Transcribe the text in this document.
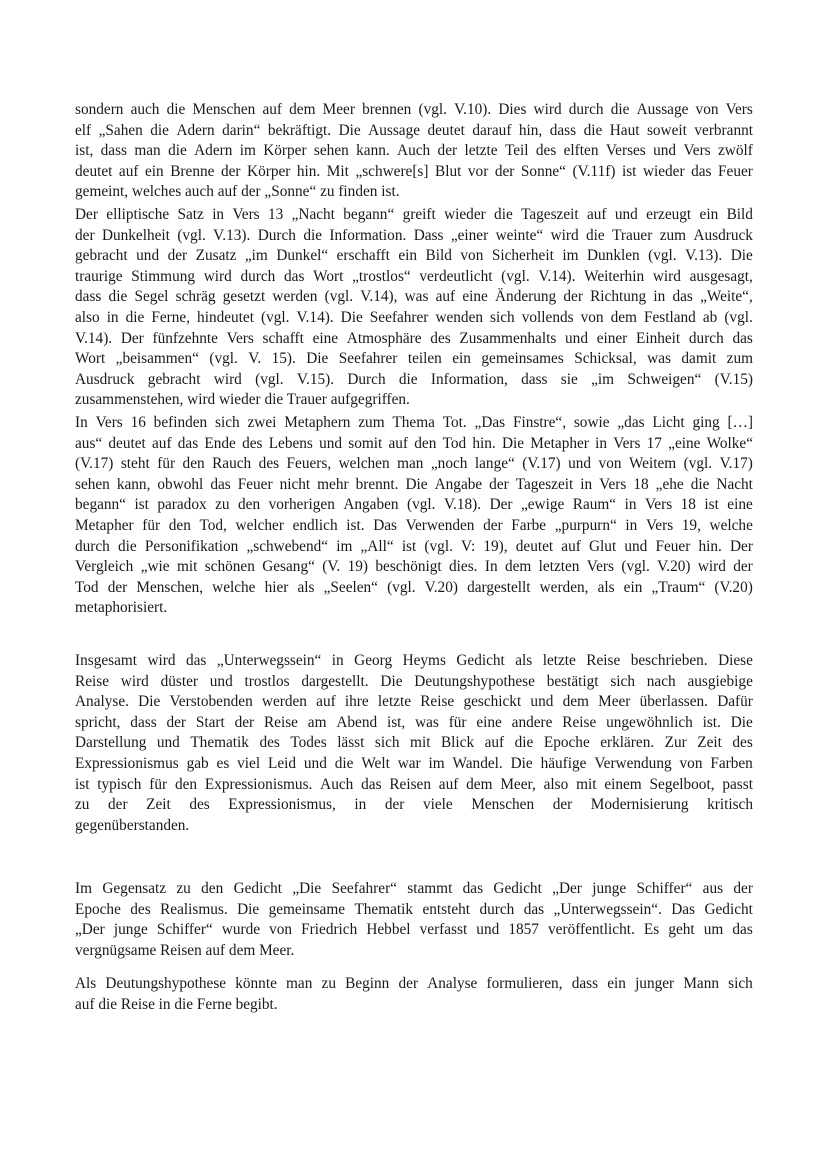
sondern auch die Menschen auf dem Meer brennen (vgl. V.10). Dies wird durch die Aussage von Vers
elf „Sahen die Adern darin“ bekräftigt. Die Aussage deutet darauf hin, dass die Haut soweit verbrannt
ist, dass man die Adern im Körper sehen kann. Auch der letzte Teil des elften Verses und Vers zwölf
deutet auf ein Brenne der Körper hin. Mit „schwere[s] Blut vor der Sonne“ (V.11f) ist wieder das Feuer
gemeint, welches auch auf der „Sonne“ zu finden ist.
Der elliptische Satz in Vers 13 „Nacht begann“ greift wieder die Tageszeit auf und erzeugt ein Bild
der Dunkelheit (vgl. V.13). Durch die Information. Dass „einer weinte“ wird die Trauer zum Ausdruck
gebracht und der Zusatz „im Dunkel“ erschafft ein Bild von Sicherheit im Dunklen (vgl. V.13). Die
traurige Stimmung wird durch das Wort „trostlos“ verdeutlicht (vgl. V.14). Weiterhin wird ausgesagt,
dass die Segel schräg gesetzt werden (vgl. V.14), was auf eine Änderung der Richtung in das „Weite“,
also in die Ferne, hindeutet (vgl. V.14). Die Seefahrer wenden sich vollends von dem Festland ab (vgl.
V.14). Der fünfzehnte Vers schafft eine Atmosphäre des Zusammenhalts und einer Einheit durch das
Wort „beisammen“ (vgl. V. 15). Die Seefahrer teilen ein gemeinsames Schicksal, was damit zum
Ausdruck gebracht wird (vgl. V.15). Durch die Information, dass sie „im Schweigen“ (V.15)
zusammenstehen, wird wieder die Trauer aufgegriffen.
In Vers 16 befinden sich zwei Metaphern zum Thema Tot. „Das Finstre“, sowie „das Licht ging […]
aus“ deutet auf das Ende des Lebens und somit auf den Tod hin. Die Metapher in Vers 17 „eine Wolke“
(V.17) steht für den Rauch des Feuers, welchen man „noch lange“ (V.17) und von Weitem (vgl. V.17)
sehen kann, obwohl das Feuer nicht mehr brennt. Die Angabe der Tageszeit in Vers 18 „ehe die Nacht
begann“ ist paradox zu den vorherigen Angaben (vgl. V.18). Der „ewige Raum“ in Vers 18 ist eine
Metapher für den Tod, welcher endlich ist. Das Verwenden der Farbe „purpurn“ in Vers 19, welche
durch die Personifikation „schwebend“ im „All“ ist (vgl. V: 19), deutet auf Glut und Feuer hin. Der
Vergleich „wie mit schönen Gesang“ (V. 19) beschönigt dies. In dem letzten Vers (vgl. V.20) wird der
Tod der Menschen, welche hier als „Seelen“ (vgl. V.20) dargestellt werden, als ein „Traum“ (V.20)
metaphorisiert.
Insgesamt wird das „Unterwegssein“ in Georg Heyms Gedicht als letzte Reise beschrieben. Diese
Reise wird düster und trostlos dargestellt. Die Deutungshypothese bestätigt sich nach ausgiebige
Analyse. Die Verstobenden werden auf ihre letzte Reise geschickt und dem Meer überlassen. Dafür
spricht, dass der Start der Reise am Abend ist, was für eine andere Reise ungewöhnlich ist. Die
Darstellung und Thematik des Todes lässt sich mit Blick auf die Epoche erklären. Zur Zeit des
Expressionismus gab es viel Leid und die Welt war im Wandel. Die häufige Verwendung von Farben
ist typisch für den Expressionismus. Auch das Reisen auf dem Meer, also mit einem Segelboot, passt
zu der Zeit des Expressionismus, in der viele Menschen der Modernisierung kritisch
gegenüberstanden.
Im Gegensatz zu den Gedicht „Die Seefahrer“ stammt das Gedicht „Der junge Schiffer“ aus der
Epoche des Realismus. Die gemeinsame Thematik entsteht durch das „Unterwegssein“. Das Gedicht
„Der junge Schiffer“ wurde von Friedrich Hebbel verfasst und 1857 veröffentlicht. Es geht um das
vergnügsame Reisen auf dem Meer.
Als Deutungshypothese könnte man zu Beginn der Analyse formulieren, dass ein junger Mann sich
auf die Reise in die Ferne begibt.
